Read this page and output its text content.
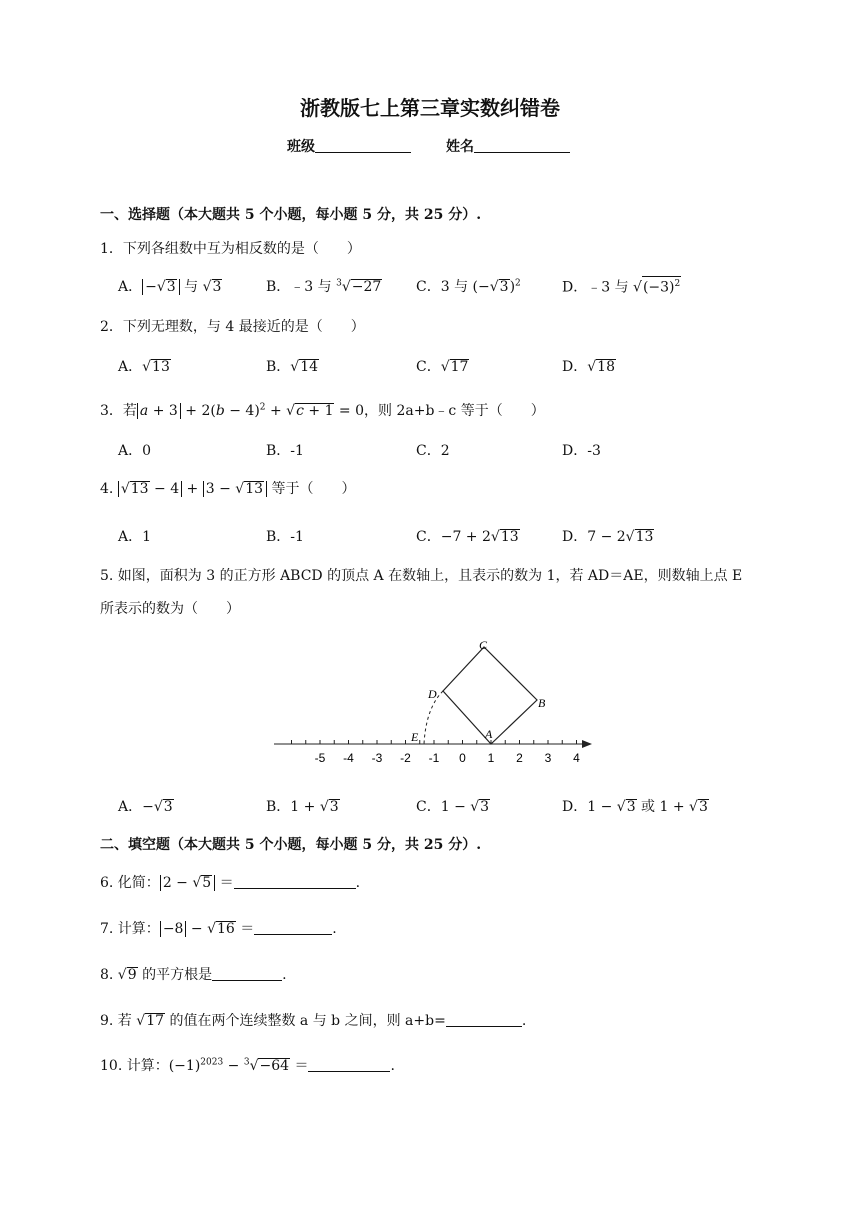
浙教版七上第三章实数纠错卷
班级	姓名
一、选择题（本大题共 5 个小题，每小题 5 分，共 25 分）.
1．下列各组数中互为相反数的是（　　）
A． −√3 与 √3	B．﹣3 与 $^3$√−27 C．3 与 $(-√3)^2$	D．﹣3 与 $√(-3)^2$
2．下列无理数，与 4 最接近的是（　　）
A．√13	B．√14	C．√17	D．√18
3．若 $a + 3 + 2(b - 4)^2 + √c + 1 = 0$，则 2a+b﹣c 等于（　　）
A．0	B．-1	C．2	D．-3
4. √13 − 4 + 3 − √13 等于（　　）
A．1	B．-1	C．−7 + 2√13	D．7 − 2√13
5. 如图，面积为 3 的正方形 ABCD 的顶点 A 在数轴上，且表示的数为 1，若 AD＝AE，则数轴上点 E
所表示的数为（　　）
-5 -4 -3 -2 -1 0 1 2 3 4
A
B
C
D
E
A．−√3	B．1 + √3	C．1 − √3	D．1 − √3 或 1 + √3
二、填空题（本大题共 5 个小题，每小题 5 分，共 25 分）.
6. 化简： 2 − √5 ＝	.
7. 计算： −8 − √16 ＝	.
8. √9 的平方根是	.
9. 若 √17 的值在两个连续整数 a 与 b 之间，则 a+b=	.
10. 计算：$(-1)^{2023} - ^3√-64$ ＝	.
